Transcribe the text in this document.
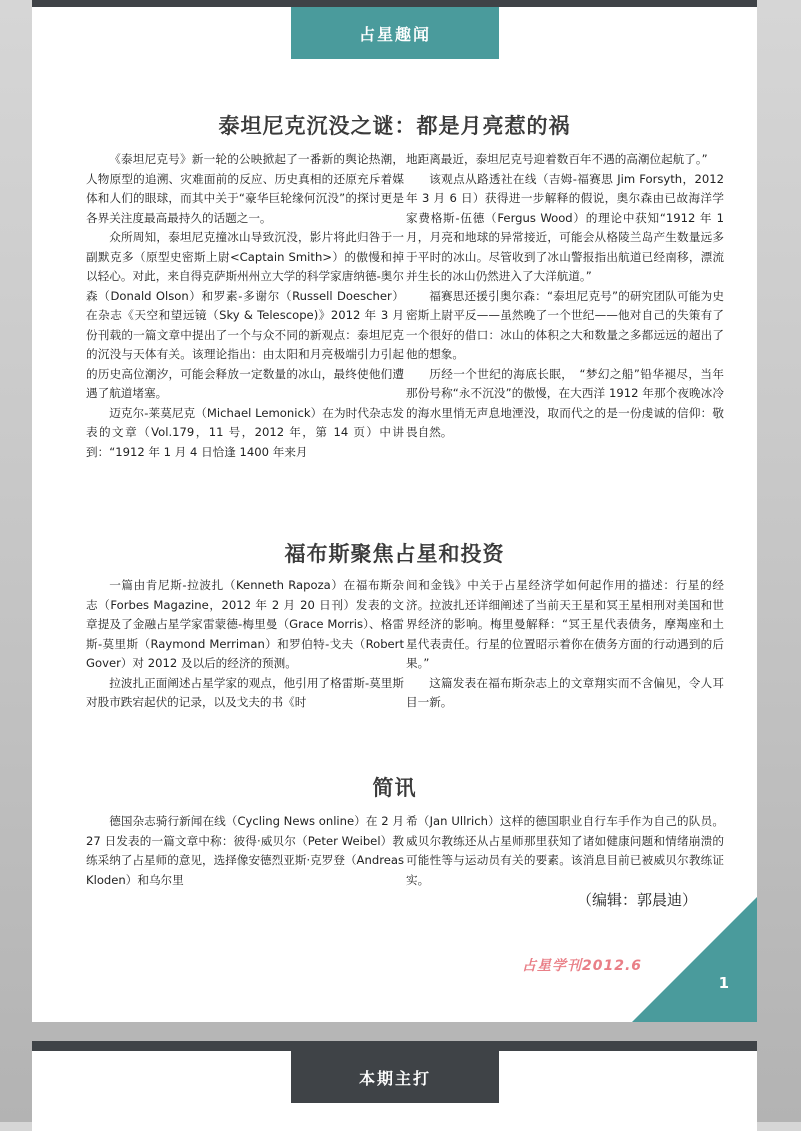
占星趣闻
泰坦尼克沉没之谜：都是月亮惹的祸

《泰坦尼克号》新一轮的公映掀起了一番新的舆论热潮，人物原型的追溯、灾难面前的反应、历史真相的还原充斥着媒体和人们的眼球，而其中关于“豪华巨轮缘何沉没”的探讨更是各界关注度最高最持久的话题之一。

众所周知，泰坦尼克撞冰山导致沉没，影片将此归咎于一副默克多（原型史密斯上尉<Captain Smith>）的傲慢和掉以轻心。对此，来自得克萨斯州州立大学的科学家唐纳德-奥尔森（Donald Olson）和罗素-多谢尔（Russell Doescher）在杂志《天空和望远镜（Sky & Telescope)》2012 年 3 月份刊载的一篇文章中提出了一个与众不同的新观点：泰坦尼克的沉没与天体有关。该理论指出：由太阳和月亮极端引力引起的历史高位潮汐，可能会释放一定数量的冰山，最终使他们遭遇了航道堵塞。

迈克尔-莱莫尼克（Michael Lemonick）在为时代杂志发表的文章（Vol.179，11 号，2012 年，第 14 页）中讲到：“1912 年 1 月 4 日恰逢 1400 年来月

地距离最近，泰坦尼克号迎着数百年不遇的高潮位起航了。”

该观点从路透社在线（吉姆-福赛思 Jim Forsyth，2012 年 3 月 6 日）获得进一步解释的假说，奥尔森由已故海洋学家费格斯-伍德（Fergus Wood）的理论中获知“1912 年 1 月，月亮和地球的异常接近，可能会从格陵兰岛产生数量远多于平时的冰山。尽管收到了冰山警报指出航道已经南移，漂流并生长的冰山仍然进入了大洋航道。”

福赛思还援引奥尔森：“泰坦尼克号”的研究团队可能为史密斯上尉平反——虽然晚了一个世纪——他对自己的失策有了一个很好的借口：冰山的体积之大和数量之多都远远的超出了他的想象。

历经一个世纪的海底长眠，　“梦幻之船”铅华褪尽，当年那份号称“永不沉没”的傲慢，在大西洋 1912 年那个夜晚冰冷的海水里悄无声息地湮没，取而代之的是一份虔诚的信仰：敬畏自然。

福布斯聚焦占星和投资

一篇由肯尼斯-拉波扎（Kenneth Rapoza）在福布斯杂志（Forbes Magazine，2012 年 2 月 20 日刊）发表的文章提及了金融占星学家雷蒙德-梅里曼（Grace Morris）、格雷斯-莫里斯（Raymond Merriman）和罗伯特-戈夫（Robert Gover）对 2012 及以后的经济的预测。

拉波扎正面阐述占星学家的观点，他引用了格雷斯-莫里斯对股市跌宕起伏的记录，以及戈夫的书《时

间和金钱》中关于占星经济学如何起作用的描述：行星的经济。拉波扎还详细阐述了当前天王星和冥王星相刑对美国和世界经济的影响。梅里曼解释：“冥王星代表债务，摩羯座和土星代表责任。行星的位置昭示着你在债务方面的行动遇到的后果。”

这篇发表在福布斯杂志上的文章翔实而不含偏见，令人耳目一新。

简讯

德国杂志骑行新闻在线（Cycling News online）在 2 月 27 日发表的一篇文章中称：彼得·威贝尔（Peter Weibel）教练采纳了占星师的意见，选择像安德烈亚斯·克罗登（Andreas Kloden）和乌尔里

希（Jan Ullrich）这样的德国职业自行车手作为自己的队员。威贝尔教练还从占星师那里获知了诸如健康问题和情绪崩溃的可能性等与运动员有关的要素。该消息目前已被威贝尔教练证实。

（编辑：郭晨迪）
占星学刊2012.6
1
本期主打
